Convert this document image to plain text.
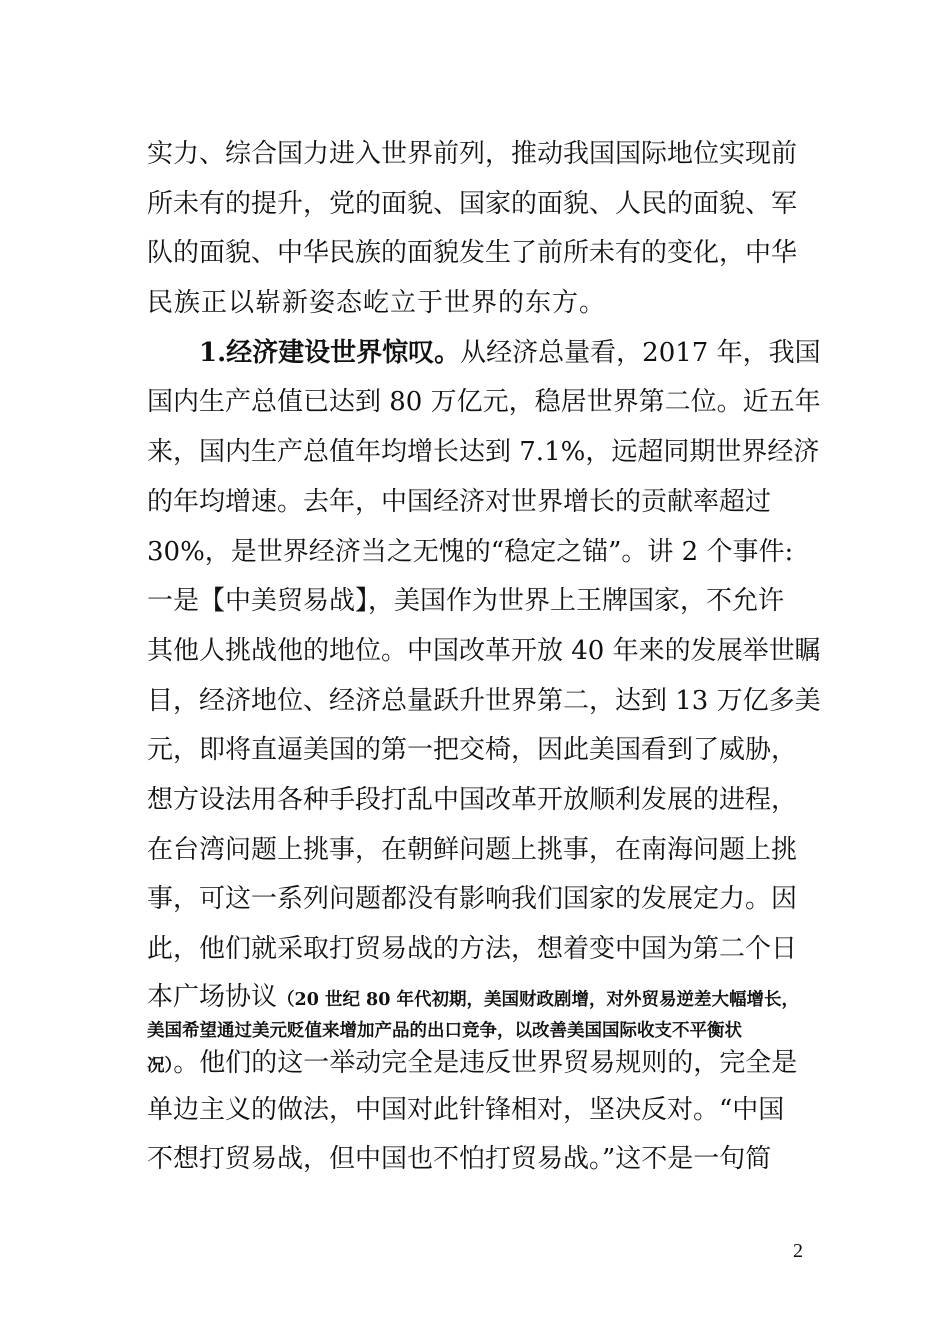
实力、综合国力进入世界前列，推动我国国际地位实现前
所未有的提升，党的面貌、国家的面貌、人民的面貌、军
队的面貌、中华民族的面貌发生了前所未有的变化，中华
民族正以崭新姿态屹立于世界的东方。
1.经济建设世界惊叹。从经济总量看，2017 年，我国
国内生产总值已达到 80 万亿元，稳居世界第二位。近五年
来，国内生产总值年均增长达到 7.1%，远超同期世界经济
的年均增速。去年，中国经济对世界增长的贡献率超过
30%，是世界经济当之无愧的“稳定之锚”。讲 2 个事件:
一是【中美贸易战】，美国作为世界上王牌国家，不允许
其他人挑战他的地位。中国改革开放 40 年来的发展举世瞩
目，经济地位、经济总量跃升世界第二，达到 13 万亿多美
元，即将直逼美国的第一把交椅，因此美国看到了威胁，
想方设法用各种手段打乱中国改革开放顺利发展的进程，
在台湾问题上挑事，在朝鲜问题上挑事，在南海问题上挑
事，可这一系列问题都没有影响我们国家的发展定力。因
此，他们就采取打贸易战的方法，想着变中国为第二个日
本广场协议（20 世纪 80 年代初期，美国财政剧增，对外贸易逆差大幅增长，
美国希望通过美元贬值来增加产品的出口竞争，以改善美国国际收支不平衡状
况）。他们的这一举动完全是违反世界贸易规则的，完全是
单边主义的做法，中国对此针锋相对，坚决反对。“中国
不想打贸易战，但中国也不怕打贸易战。”这不是一句简
2
